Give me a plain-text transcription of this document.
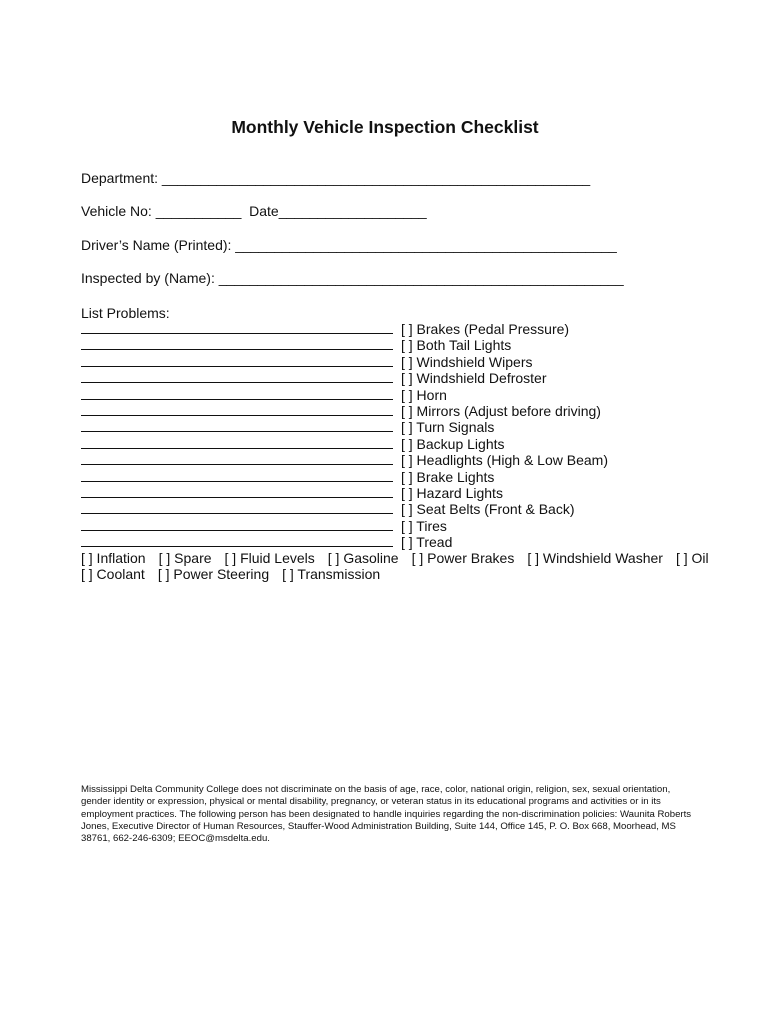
Monthly Vehicle Inspection Checklist
Department: _______________________________________________________
Vehicle No: ___________  Date___________________
Driver’s Name (Printed): _________________________________________________
Inspected by (Name): ____________________________________________________
List Problems:
[ ] Brakes (Pedal Pressure)
[ ] Both Tail Lights
[ ] Windshield Wipers
[ ] Windshield Defroster
[ ] Horn
[ ] Mirrors (Adjust before driving)
[ ] Turn Signals
[ ] Backup Lights
[ ] Headlights (High & Low Beam)
[ ] Brake Lights
[ ] Hazard Lights
[ ] Seat Belts (Front & Back)
[ ] Tires
[ ] Tread
[ ] Inflation [ ] Spare [ ] Fluid Levels [ ] Gasoline [ ] Power Brakes [ ] Windshield Washer [ ] Oil
[ ] Coolant [ ] Power Steering [ ] Transmission
Mississippi Delta Community College does not discriminate on the basis of age, race, color, national origin, religion, sex, sexual orientation, gender identity or expression, physical or mental disability, pregnancy, or veteran status in its educational programs and activities or in its employment practices. The following person has been designated to handle inquiries regarding the non-discrimination policies: Waunita Roberts Jones, Executive Director of Human Resources, Stauffer-Wood Administration Building, Suite 144, Office 145, P. O. Box 668, Moorhead, MS 38761, 662-246-6309; EEOC@msdelta.edu.
